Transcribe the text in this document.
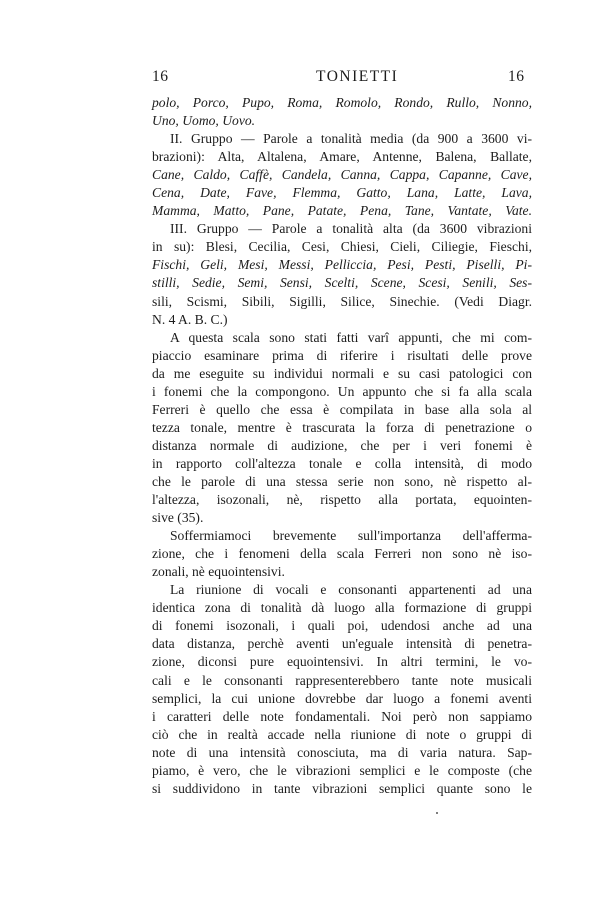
16	TONIETTI	16
polo, Porco, Pupo, Roma, Romolo, Rondo, Rullo, Nonno,
Uno, Uomo, Uovo.
II. Gruppo — Parole a tonalità media (da 900 a 3600 vi-
brazioni): Alta, Altalena, Amare, Antenne, Balena, Ballate,
Cane, Caldo, Caffè, Candela, Canna, Cappa, Capanne, Cave,
Cena, Date, Fave, Flemma, Gatto, Lana, Latte, Lava,
Mamma, Matto, Pane, Patate, Pena, Tane, Vantate, Vate.
III. Gruppo — Parole a tonalità alta (da 3600 vibrazioni
in su): Blesi, Cecilia, Cesi, Chiesi, Cieli, Ciliegie, Fieschi,
Fischi, Geli, Mesi, Messi, Pelliccia, Pesi, Pesti, Piselli, Pi-
stilli, Sedie, Semi, Sensi, Scelti, Scene, Scesi, Senili, Ses-
sili, Scismi, Sibili, Sigilli, Silice, Sinechie. (Vedi Diagr.
N. 4 A. B. C.)
A questa scala sono stati fatti varî appunti, che mi com-
piaccio esaminare prima di riferire i risultati delle prove
da me eseguite su individui normali e su casi patologici con
i fonemi che la compongono. Un appunto che si fa alla scala
Ferreri è quello che essa è compilata in base alla sola al
tezza tonale, mentre è trascurata la forza di penetrazione o
distanza normale di audizione, che per i veri fonemi è
in rapporto coll'altezza tonale e colla intensità, di modo
che le parole di una stessa serie non sono, nè rispetto al-
l'altezza, isozonali, nè, rispetto alla portata, equointen-
sive (35).
Soffermiamoci brevemente sull'importanza dell'afferma-
zione, che i fenomeni della scala Ferreri non sono nè iso-
zonali, nè equointensivi.
La riunione di vocali e consonanti appartenenti ad una
identica zona di tonalità dà luogo alla formazione di gruppi
di fonemi isozonali, i quali poi, udendosi anche ad una
data distanza, perchè aventi un'eguale intensità di penetra-
zione, diconsi pure equointensivi. In altri termini, le vo-
cali e le consonanti rappresenterebbero tante note musicali
semplici, la cui unione dovrebbe dar luogo a fonemi aventi
i caratteri delle note fondamentali. Noi però non sappiamo
ciò che in realtà accade nella riunione di note o gruppi di
note di una intensità conosciuta, ma di varia natura. Sap-
piamo, è vero, che le vibrazioni semplici e le composte (che
si suddividono in tante vibrazioni semplici quante sono le
